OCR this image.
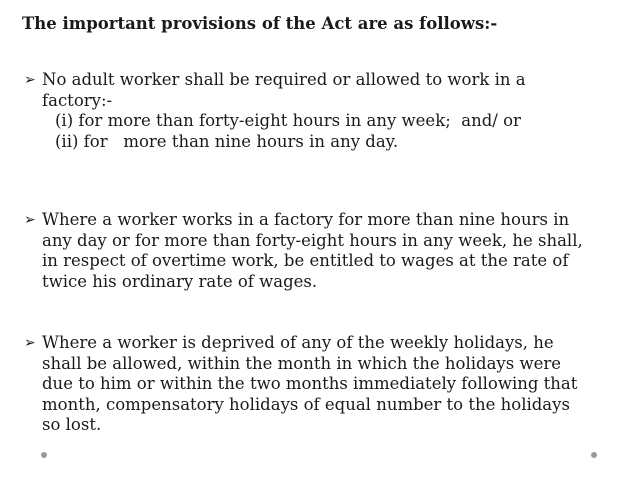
The important provisions of the Act are as follows:-
➢ No adult worker shall be required or allowed to work in a
factory:-
(i) for more than forty-eight hours in any week;  and/ or
(ii) for   more than nine hours in any day.
➢ Where a worker works in a factory for more than nine hours in
any day or for more than forty-eight hours in any week, he shall,
in respect of overtime work, be entitled to wages at the rate of
twice his ordinary rate of wages.
➢ Where a worker is deprived of any of the weekly holidays, he
shall be allowed, within the month in which the holidays were
due to him or within the two months immediately following that
month, compensatory holidays of equal number to the holidays
so lost.
